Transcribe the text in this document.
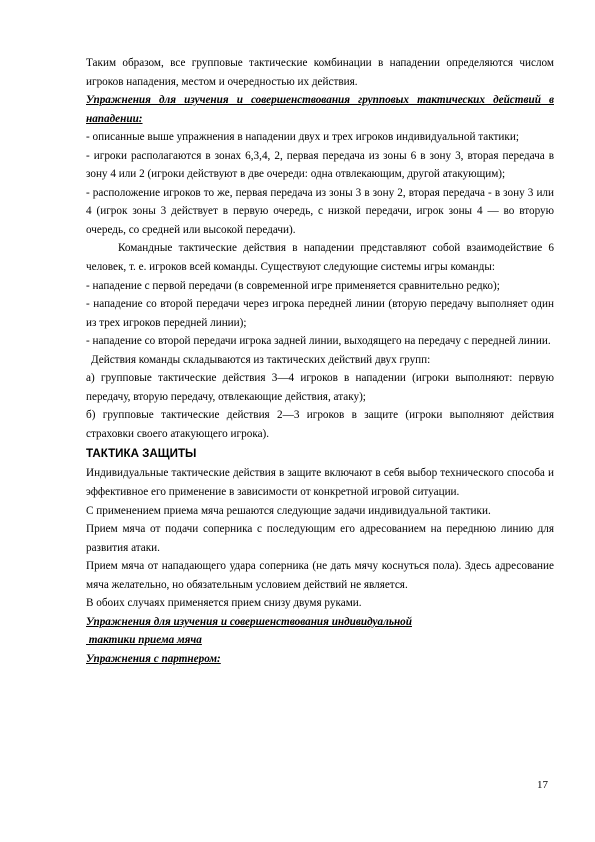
Таким образом, все групповые тактические комбинации в нападении определяются числом игроков нападения, местом и очередностью их действия.

Упражнения для изучения и совершенствования групповых тактических действий в нападении:

- описанные выше упражнения в нападении двух и трех игроков индивидуальной тактики;

- игроки располагаются в зонах 6,3,4, 2, первая передача из зоны 6 в зону 3, вторая передача в зону 4 или 2 (игроки действуют в две очереди: одна отвлекающим, другой атакующим);

- расположение игроков то же, первая передача из зоны 3 в зону 2, вторая передача - в зону 3 или 4 (игрок зоны 3 действует в первую очередь, с низкой передачи, игрок зоны 4 — во вторую очередь, со средней или высокой передачи).

Командные тактические действия в нападении представляют собой взаимодействие 6 человек, т. е. игроков всей команды. Существуют следующие системы игры команды:

- нападение с первой передачи (в современной игре применяется сравнительно редко);

- нападение со второй передачи через игрока передней линии (вторую передачу выполняет один из трех игроков передней линии);

- нападение со второй передачи игрока задней линии, выходящего на передачу с передней линии.

Действия команды складываются из тактических действий двух групп:

а) групповые тактические действия 3—4 игроков в нападении (игроки выполняют: первую передачу, вторую передачу, отвлекающие действия, атаку);

б) групповые тактические действия 2—3 игроков в защите (игроки выполняют действия страховки своего атакующего игрока).

ТАКТИКА ЗАЩИТЫ

Индивидуальные тактические действия в защите включают в себя выбор технического способа и эффективное его применение в зависимости от конкретной игровой ситуации.

С применением приема мяча решаются следующие задачи индивидуальной тактики.

Прием мяча от подачи соперника с последующим его адресованием на переднюю линию для развития атаки.

Прием мяча от нападающего удара соперника (не дать мячу коснуться пола). Здесь адресование мяча желательно, но обязательным условием действий не является.

В обоих случаях применяется прием снизу двумя руками.

Упражнения для изучения и совершенствования индивидуальной
тактики приема мяча

Упражнения с партнером:

17
